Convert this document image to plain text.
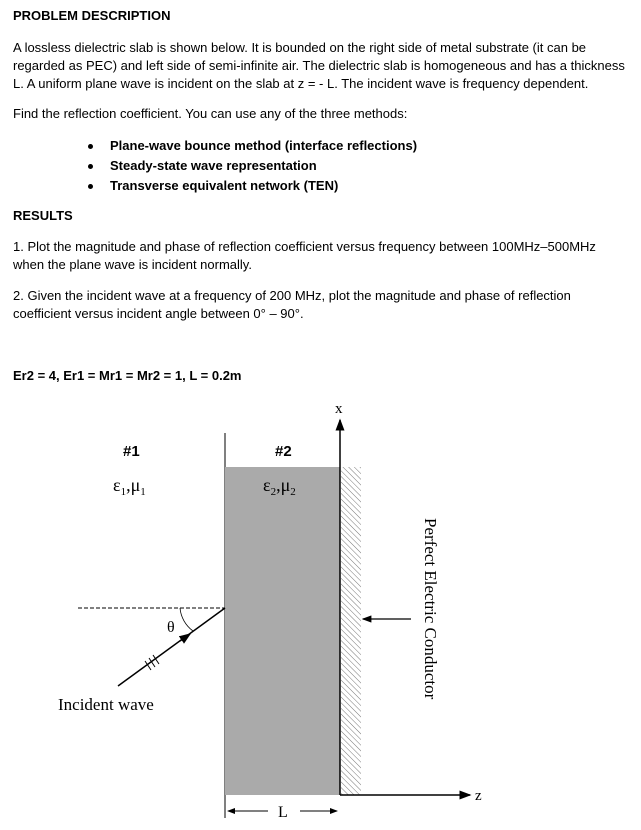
PROBLEM DESCRIPTION
A lossless dielectric slab is shown below. It is bounded on the right side of metal substrate (it can be
regarded as PEC) and left side of semi-infinite air. The dielectric slab is homogeneous and has a thickness
L. A uniform plane wave is incident on the slab at z = - L. The incident wave is frequency dependent.
Find the reflection coefficient. You can use any of the three methods:
Plane-wave bounce method (interface reflections)
Steady-state wave representation
Transverse equivalent network (TEN)
RESULTS
1. Plot the magnitude and phase of reflection coefficient versus frequency between 100MHz–500MHz
when the plane wave is incident normally.
2. Given the incident wave at a frequency of 200 MHz, plot the magnitude and phase of reflection
coefficient versus incident angle between 0° – 90°.
Er2 = 4, Er1 = Mr1 = Mr2 = 1, L = 0.2m
#1	#2
$\varepsilon_1,\mu_1$	$\varepsilon_2,\mu_2$
θ
Incident wave
x
z
L
Perfect Electric Conductor
